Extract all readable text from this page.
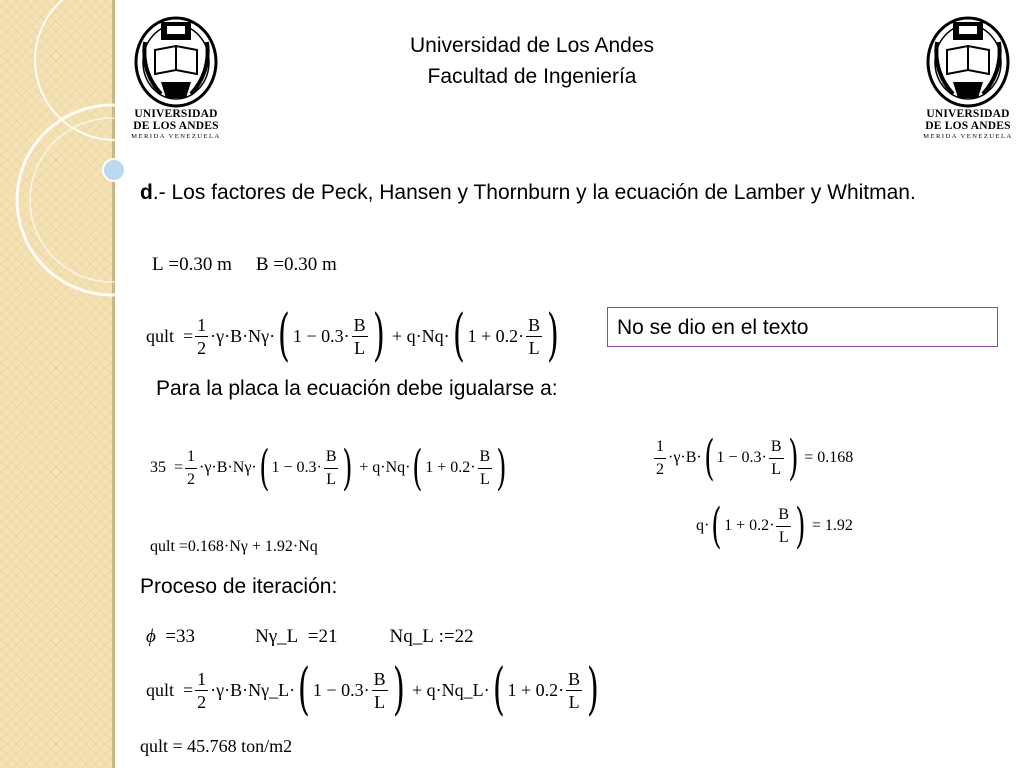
Universidad de Los Andes
Facultad de Ingeniería
UNIVERSIDAD
DE LOS ANDES
MERIDA VENEZUELA
UNIVERSIDAD
DE LOS ANDES
MERIDA VENEZUELA
d.- Los factores de Peck, Hansen y Thornburn y la ecuación de Lamber y Whitman.
L
=0.30 m B
=0.30 m
qult = $\frac{1}{2} \cdot\gamma\cdot B\cdot N\gamma\cdot$ ( $1 - 0.3\cdot \frac{B}{L}$ ) + q·Nq· ( $1 + 0.2\cdot \frac{B}{L}$ )	No se dio en el texto
Para la placa la ecuación debe igualarse a:
$35 = \frac{1}{2} \cdot\gamma\cdot B\cdot N\gamma\cdot$ ( $1 - 0.3\cdot \frac{B}{L}$ ) + q·Nq· ( $1 + 0.2\cdot \frac{B}{L}$ )	$\frac{1}{2} \cdot\gamma\cdot B\cdot$ ( $1 - 0.3\cdot \frac{B}{L}$ )
= 0.168
q· ( $1 + 0.2\cdot \frac{B}{L}$ )
= 1.92
qult =0.168·Nγ + 1.92·Nq
Proceso de iteración:
ϕ
=33	Nγ_L =21	Nq_L :=22
qult = $\frac{1}{2}$ ·γ·B·Nγ_L· ( $1 - 0.3\cdot \frac{B}{L}$ ) + q·Nq_L· ( $1 + 0.2\cdot \frac{B}{L}$ )
qult = 45.768
ton/m2
